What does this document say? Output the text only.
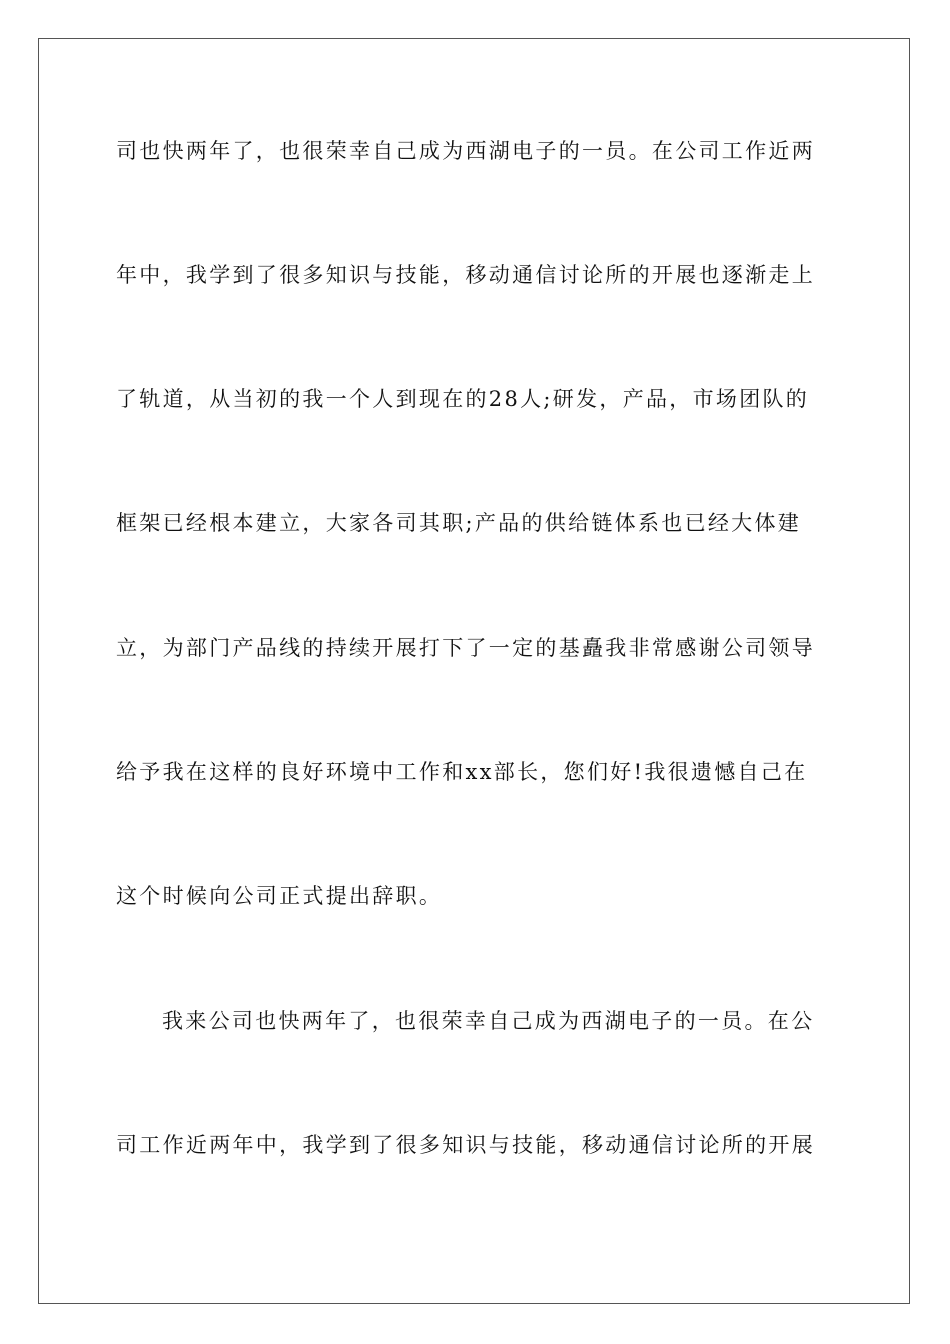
司也快两年了，也很荣幸自己成为西湖电子的一员。在公司工作近两
年中，我学到了很多知识与技能，移动通信讨论所的开展也逐渐走上
了轨道，从当初的我一个人到现在的28人;研发，产品，市场团队的
框架已经根本建立，大家各司其职;产品的供给链体系也已经大体建
立，为部门产品线的持续开展打下了一定的基矗我非常感谢公司领导
给予我在这样的良好环境中工作和xx部长，您们好!我很遗憾自己在
这个时候向公司正式提出辞职。
我来公司也快两年了，也很荣幸自己成为西湖电子的一员。在公
司工作近两年中，我学到了很多知识与技能，移动通信讨论所的开展
